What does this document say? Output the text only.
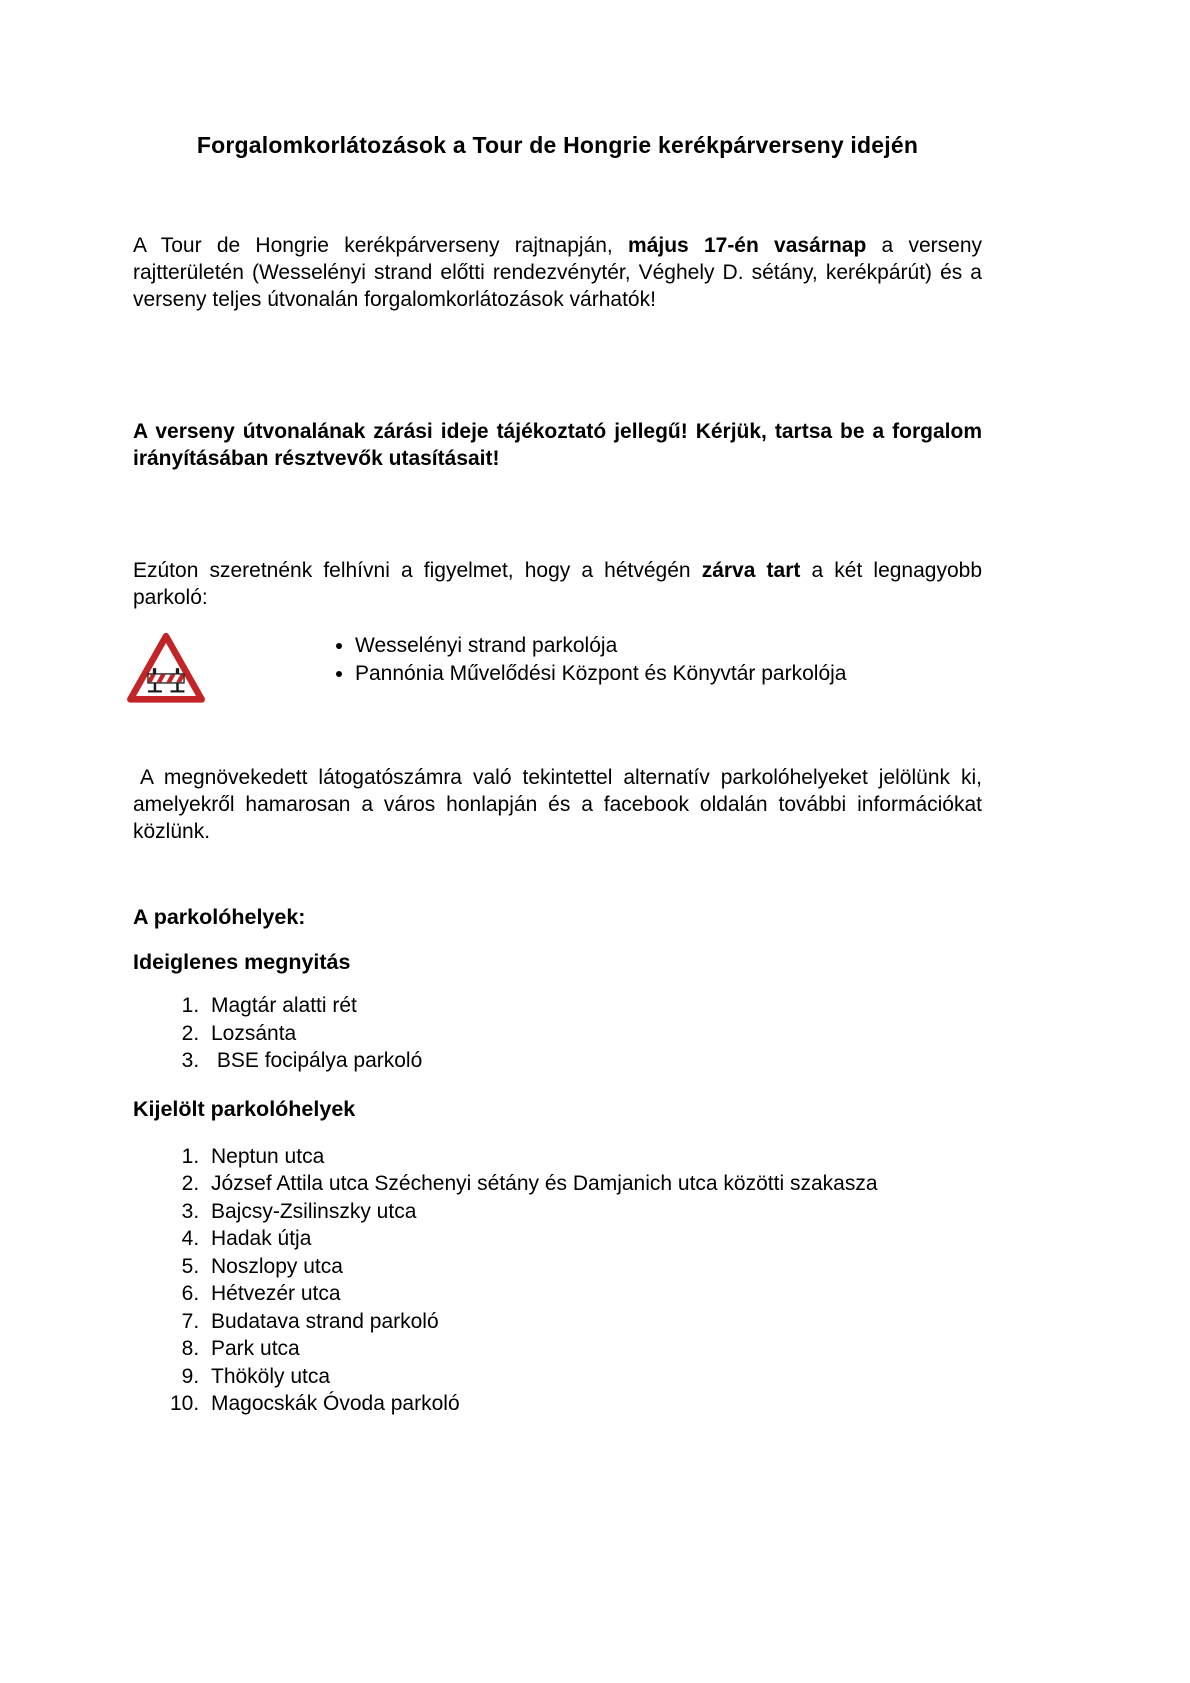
Forgalomkorlátozások a Tour de Hongrie kerékpárverseny idején

A Tour de Hongrie kerékpárverseny rajtnapján, május 17-én vasárnap a verseny rajtterületén (Wesselényi strand előtti rendezvénytér, Véghely D. sétány, kerékpárút) és a verseny teljes útvonalán forgalomkorlátozások várhatók!

A verseny útvonalának zárási ideje tájékoztató jellegű! Kérjük, tartsa be a forgalom irányításában résztvevők utasításait!

Ezúton szeretnénk felhívni a figyelmet, hogy a hétvégén zárva tart a két legnagyobb parkoló:

• Wesselényi strand parkolója
• Pannónia Művelődési Központ és Könyvtár parkolója

A megnövekedett látogatószámra való tekintettel alternatív parkolóhelyeket jelölünk ki, amelyekről hamarosan a város honlapján és a facebook oldalán további információkat közlünk.

A parkolóhelyek:
Ideiglenes megnyitás
1. Magtár alatti rét
2. Lozsánta
3.  BSE focipálya parkoló
Kijelölt parkolóhelyek
1. Neptun utca
2. József Attila utca Széchenyi sétány és Damjanich utca közötti szakasza
3. Bajcsy-Zsilinszky utca
4. Hadak útja
5. Noszlopy utca
6. Hétvezér utca
7. Budatava strand parkoló
8. Park utca
9. Thököly utca
10. Magocskák Óvoda parkoló
